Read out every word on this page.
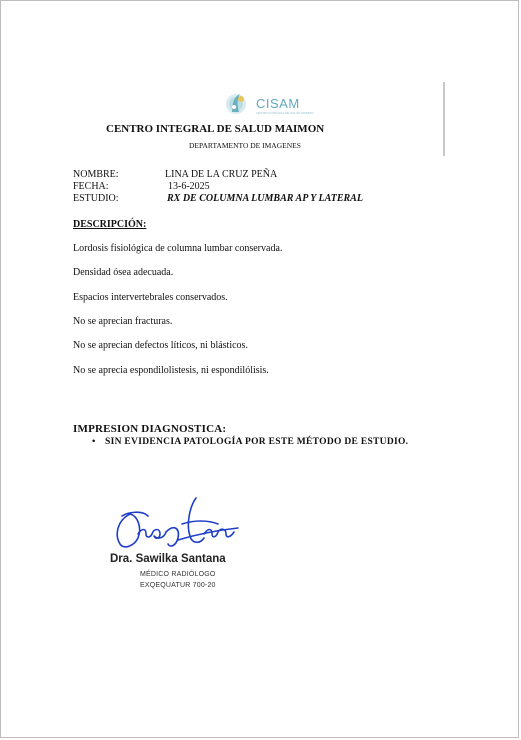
CISAM
CENTRO INTEGRAL DE SALUD MAIMON
CENTRO INTEGRAL DE SALUD MAIMON
DEPARTAMENTO DE IMAGENES
NOMBRE:	LINA DE LA CRUZ PEÑA
FECHA:	13-6-2025
ESTUDIO:	RX DE COLUMNA LUMBAR AP Y LATERAL
DESCRIPCIÓN:
Lordosis fisiológica de columna lumbar conservada.
Densidad ósea adecuada.
Espacios intervertebrales conservados.
No se aprecian fracturas.
No se aprecian defectos líticos, ni blásticos.
No se aprecia espondilolistesis, ni espondilólisis.
IMPRESION DIAGNOSTICA:
• SIN EVIDENCIA PATOLOGÍA POR ESTE MÉTODO DE ESTUDIO.
Dra. Sawilka Santana
MÉDICO RADIÓLOGO
EXQEQUATUR 700-20
